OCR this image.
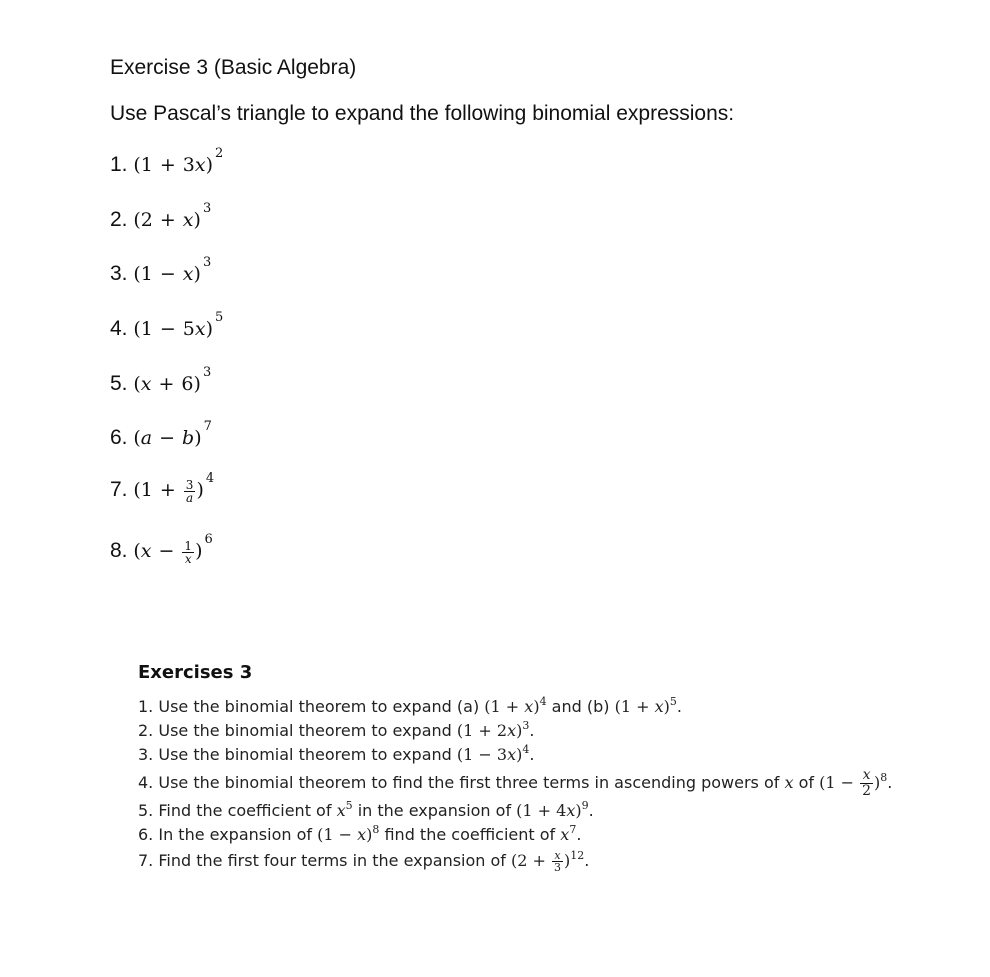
Exercise 3 (Basic Algebra)
Use Pascal’s triangle to expand the following binomial expressions:
1. $(1 + 3x)^2$
2. $(2 + x)^3$
3. $(1 - x)^3$
4. $(1 - 5x)^5$
5. $(x + 6)^3$
6. $(a - b)^7$
7. $(1 + \frac{3}{a} )^4$
8. $(x - \frac{1}{x} )^6$
Exercises 3
1. Use the binomial theorem to expand (a) $(1 + x)^4$ and (b) $(1 + x)^5$.
2. Use the binomial theorem to expand $(1 + 2x)^3$.
3. Use the binomial theorem to expand $(1 - 3x)^4$.
4. Use the binomial theorem to find the first three terms in ascending powers of x of $(1 - \frac{x}{2} )^8$.
5. Find the coefficient of $x^5$ in the expansion of $(1 + 4x)^9$.
6. In the expansion of $(1 - x)^8$ find the coefficient of $x^7$.
7. Find the first four terms in the expansion of $(2 + \frac{x}{3} )^{12}$.
